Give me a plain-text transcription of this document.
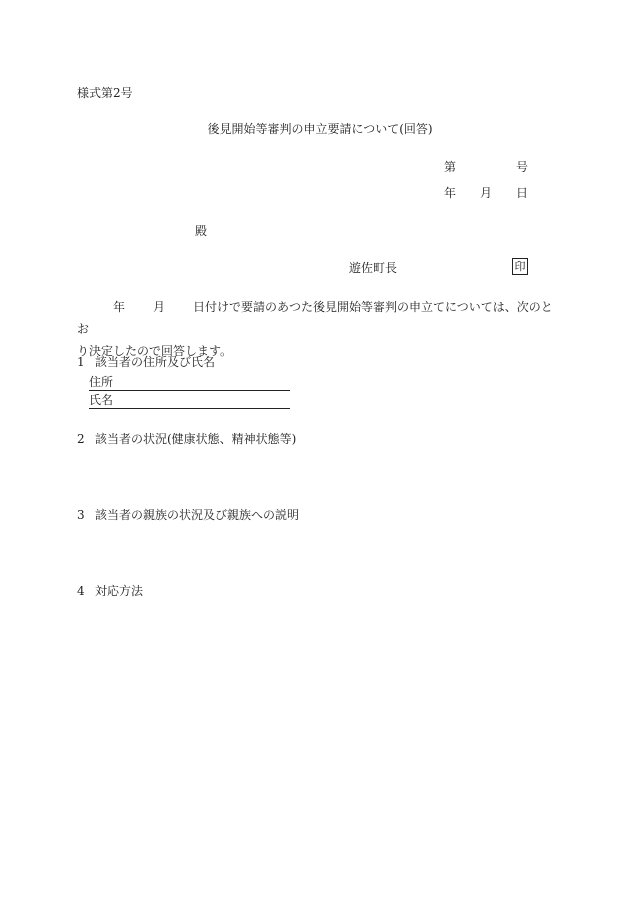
様式第2号
後見開始等審判の申立要請について(回答)
第	号
年 月 日
殿
遊佐町長	印
年 月 日付けで要請のあつた後見開始等審判の申立てについては、次のとお
り決定したので回答します。
1 該当者の住所及び氏名
住所
氏名
2 該当者の状況(健康状態、精神状態等)
3 該当者の親族の状況及び親族への説明
4 対応方法
